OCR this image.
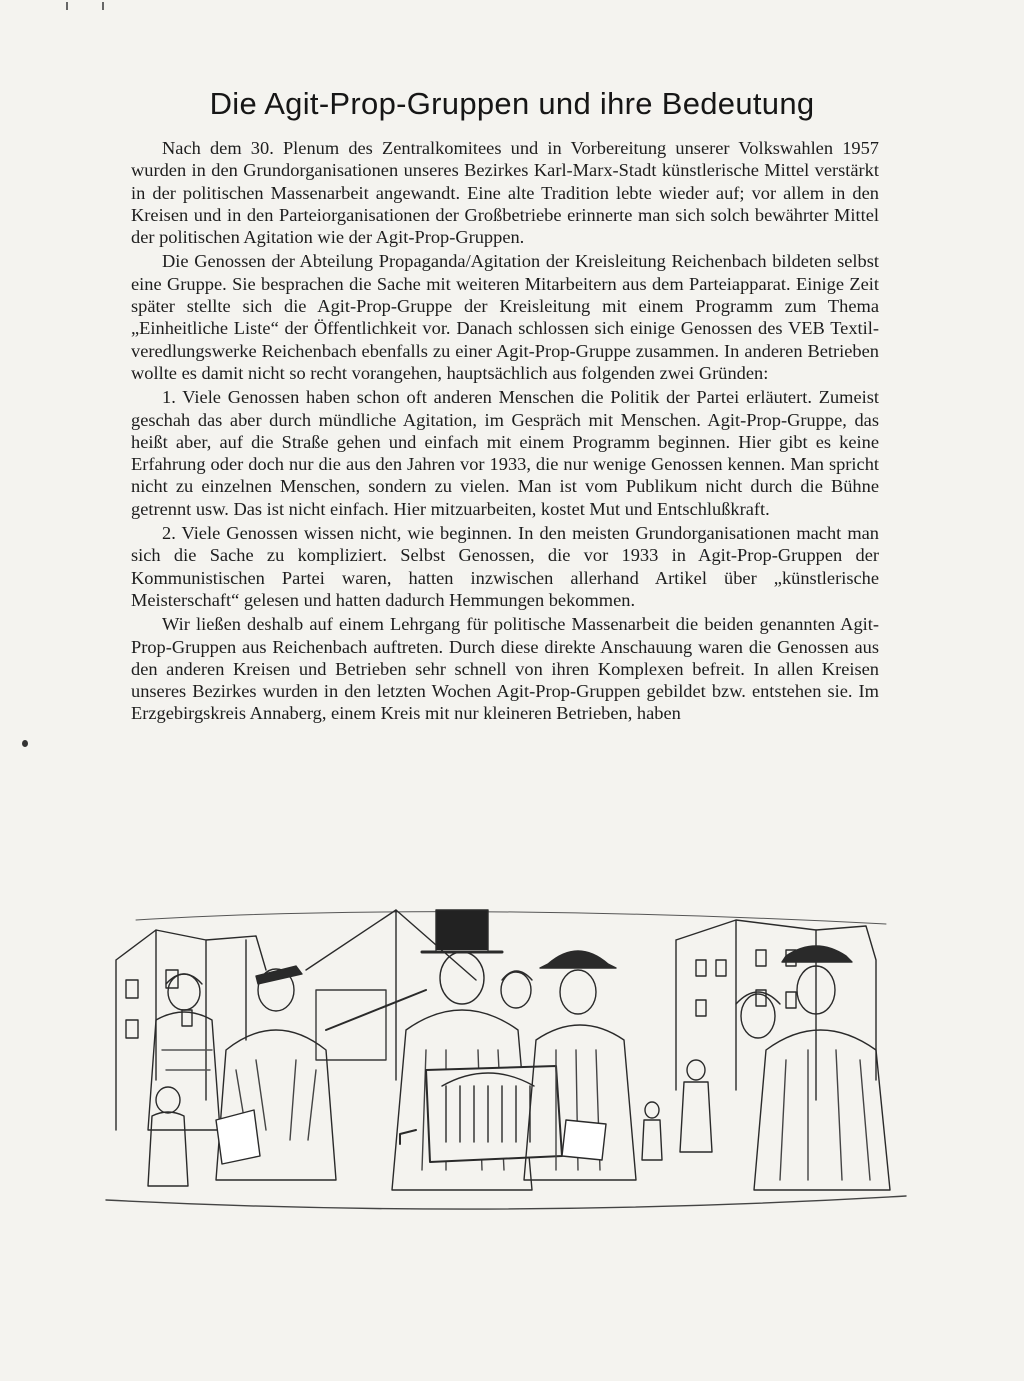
Die Agit-Prop-Gruppen und ihre Bedeutung

Nach dem 30. Plenum des Zentralkomitees und in Vorbereitung unserer Volkswahlen 1957 wurden in den Grundorganisationen unseres Bezirkes Karl-Marx-Stadt künstlerische Mittel verstärkt in der politischen Massenarbeit angewandt. Eine alte Tradition lebte wieder auf; vor allem in den Kreisen und in den Parteiorganisationen der Großbetriebe erinnerte man sich solch bewährter Mittel der politischen Agitation wie der Agit-Prop-Gruppen.

Die Genossen der Abteilung Propaganda/Agitation der Kreisleitung Reichenbach bildeten selbst eine Gruppe. Sie besprachen die Sache mit weiteren Mitarbeitern aus dem Parteiapparat. Einige Zeit später stellte sich die Agit-Prop-Gruppe der Kreisleitung mit einem Programm zum Thema „Einheitliche Liste“ der Öffentlichkeit vor. Danach schlossen sich einige Genossen des VEB Textilveredlungswerke Reichenbach ebenfalls zu einer Agit-Prop-Gruppe zusammen. In anderen Betrieben wollte es damit nicht so recht vorangehen, hauptsächlich aus folgenden zwei Gründen:

1. Viele Genossen haben schon oft anderen Menschen die Politik der Partei erläutert. Zumeist geschah das aber durch mündliche Agitation, im Gespräch mit Menschen. Agit-Prop-Gruppe, das heißt aber, auf die Straße gehen und einfach mit einem Programm beginnen. Hier gibt es keine Erfahrung oder doch nur die aus den Jahren vor 1933, die nur wenige Genossen kennen. Man spricht nicht zu einzelnen Menschen, sondern zu vielen. Man ist vom Publikum nicht durch die Bühne getrennt usw. Das ist nicht einfach. Hier mitzuarbeiten, kostet Mut und Entschlußkraft.

2. Viele Genossen wissen nicht, wie beginnen. In den meisten Grundorganisationen macht man sich die Sache zu kompliziert. Selbst Genossen, die vor 1933 in Agit-Prop-Gruppen der Kommunistischen Partei waren, hatten inzwischen allerhand Artikel über „künstlerische Meisterschaft“ gelesen und hatten dadurch Hemmungen bekommen.

Wir ließen deshalb auf einem Lehrgang für politische Massenarbeit die beiden genannten Agit-Prop-Gruppen aus Reichenbach auftreten. Durch diese direkte Anschauung waren die Genossen aus den anderen Kreisen und Betrieben sehr schnell von ihren Komplexen befreit. In allen Kreisen unseres Bezirkes wurden in den letzten Wochen Agit-Prop-Gruppen gebildet bzw. entstehen sie. Im Erzgebirgskreis Annaberg, einem Kreis mit nur kleineren Betrieben, haben
